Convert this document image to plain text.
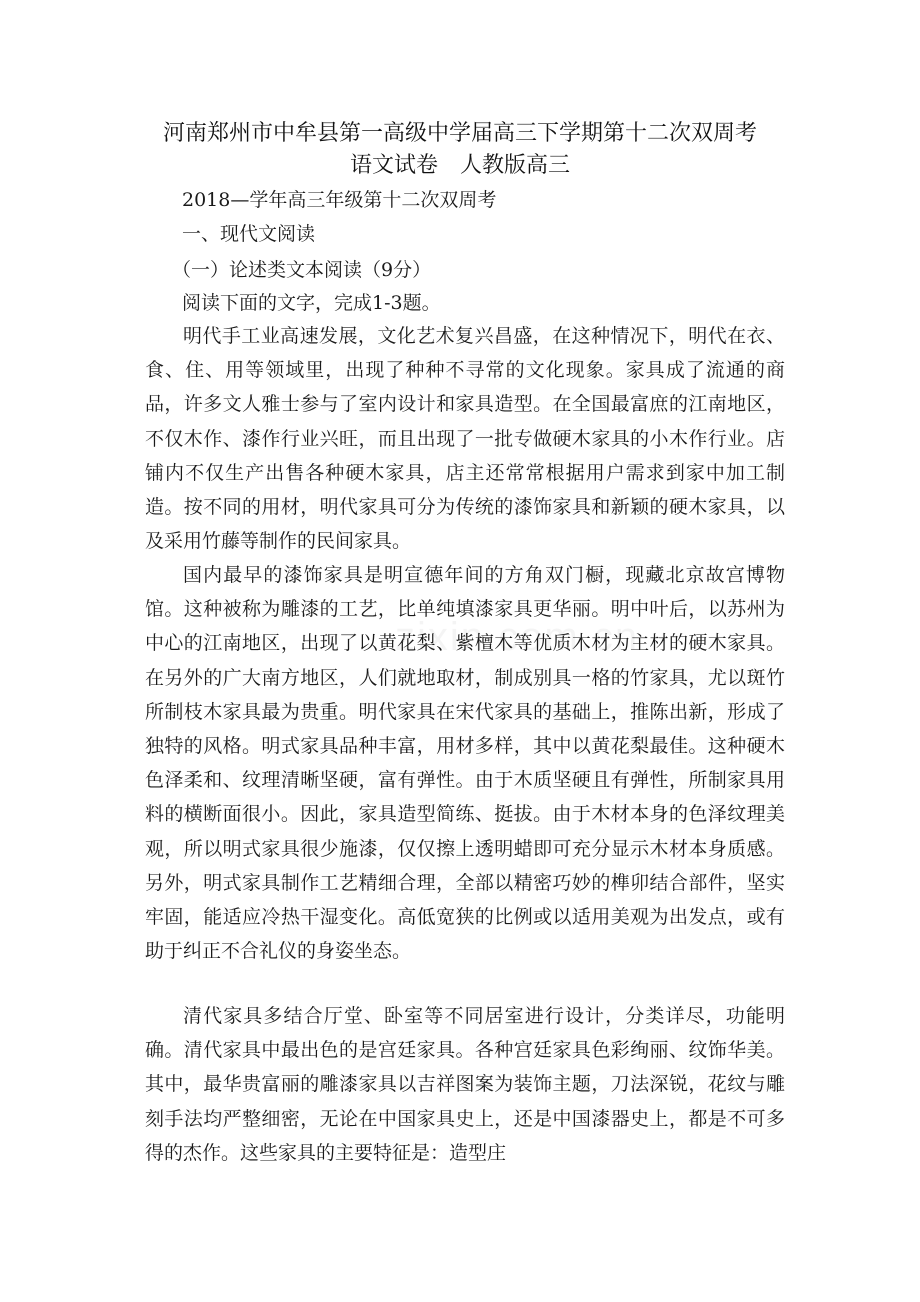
河南郑州市中牟县第一高级中学届高三下学期第十二次双周考
语文试卷　人教版高三
2018—学年高三年级第十二次双周考
一、现代文阅读
（一）论述类文本阅读（9分）
阅读下面的文字，完成1-3题。

明代手工业高速发展，文化艺术复兴昌盛，在这种情况下，明代在衣、食、住、用等领域里，出现了种种不寻常的文化现象。家具成了流通的商品，许多文人雅士参与了室内设计和家具造型。在全国最富庶的江南地区，不仅木作、漆作行业兴旺，而且出现了一批专做硬木家具的小木作行业。店铺内不仅生产出售各种硬木家具，店主还常常根据用户需求到家中加工制造。按不同的用材，明代家具可分为传统的漆饰家具和新颖的硬木家具，以及采用竹藤等制作的民间家具。

国内最早的漆饰家具是明宣德年间的方角双门橱，现藏北京故宫博物馆。这种被称为雕漆的工艺，比单纯填漆家具更华丽。明中叶后，以苏州为中心的江南地区，出现了以黄花梨、紫檀木等优质木材为主材的硬木家具。在另外的广大南方地区，人们就地取材，制成别具一格的竹家具，尤以斑竹所制枝木家具最为贵重。明代家具在宋代家具的基础上，推陈出新，形成了独特的风格。明式家具品种丰富，用材多样，其中以黄花梨最佳。这种硬木色泽柔和、纹理清晰坚硬，富有弹性。由于木质坚硬且有弹性，所制家具用料的横断面很小。因此，家具造型简练、挺拔。由于木材本身的色泽纹理美观，所以明式家具很少施漆，仅仅擦上透明蜡即可充分显示木材本身质感。另外，明式家具制作工艺精细合理，全部以精密巧妙的榫卯结合部件，坚实牢固，能适应冷热干湿变化。高低宽狭的比例或以适用美观为出发点，或有助于纠正不合礼仪的身姿坐态。

清代家具多结合厅堂、卧室等不同居室进行设计，分类详尽，功能明确。清代家具中最出色的是宫廷家具。各种宫廷家具色彩绚丽、纹饰华美。其中，最华贵富丽的雕漆家具以吉祥图案为装饰主题，刀法深锐，花纹与雕刻手法均严整细密，无论在中国家具史上，还是中国漆器史上，都是不可多得的杰作。这些家具的主要特征是：造型庄
